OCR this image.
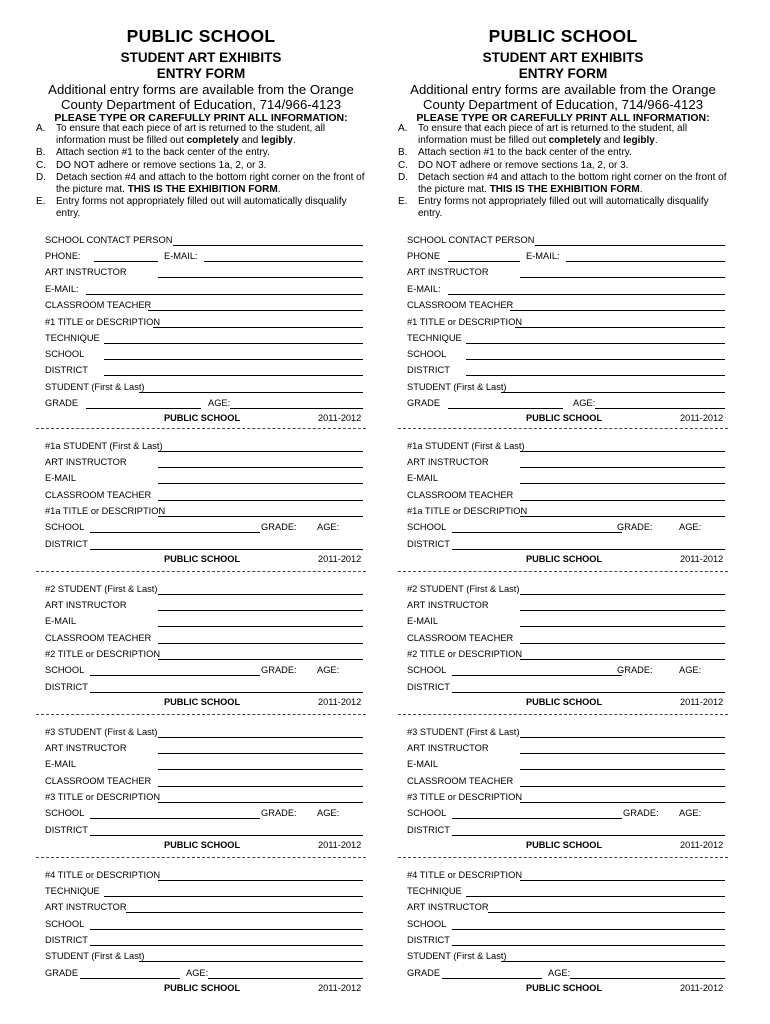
PUBLIC SCHOOL
STUDENT ART EXHIBITS
ENTRY FORM
Additional entry forms are available from the Orange
County Department of Education, 714/966-4123
PLEASE TYPE OR CAREFULLY PRINT ALL INFORMATION:
A. To ensure that each piece of art is returned to the student, all information must be filled out completely and legibly.
B. Attach section #1 to the back center of the entry.
C. DO NOT adhere or remove sections 1a, 2, or 3.
D. Detach section #4 and attach to the bottom right corner on the front of the picture mat. THIS IS THE EXHIBITION FORM.
E. Entry forms not appropriately filled out will automatically disqualify entry.
SCHOOL CONTACT PERSON
PHONE:	E-MAIL:
ART INSTRUCTOR
E-MAIL:
CLASSROOM TEACHER
#1 TITLE or DESCRIPTION
TECHNIQUE
SCHOOL
DISTRICT
STUDENT (First & Last)
GRADE	AGE:
PUBLIC SCHOOL	2011-2012
#1a STUDENT (First & Last)
ART INSTRUCTOR
E-MAIL
CLASSROOM TEACHER
#1a TITLE or DESCRIPTION
SCHOOL	GRADE: AGE:
DISTRICT
PUBLIC SCHOOL	2011-2012
#2 STUDENT (First & Last)
ART INSTRUCTOR
E-MAIL
CLASSROOM TEACHER
#2 TITLE or DESCRIPTION
SCHOOL	GRADE: AGE:
DISTRICT
PUBLIC SCHOOL	2011-2012
#3 STUDENT (First & Last)
ART INSTRUCTOR
E-MAIL
CLASSROOM TEACHER
#3 TITLE or DESCRIPTION
SCHOOL	GRADE: AGE:
DISTRICT
PUBLIC SCHOOL	2011-2012
#4 TITLE or DESCRIPTION
TECHNIQUE
ART INSTRUCTOR
SCHOOL
DISTRICT
STUDENT (First & Last)
GRADE	AGE:
PUBLIC SCHOOL	2011-2012
PUBLIC SCHOOL
STUDENT ART EXHIBITS
ENTRY FORM
Additional entry forms are available from the Orange
County Department of Education, 714/966-4123
PLEASE TYPE OR CAREFULLY PRINT ALL INFORMATION:
A. To ensure that each piece of art is returned to the student, all information must be filled out completely and legibly.
B. Attach section #1 to the back center of the entry.
C. DO NOT adhere or remove sections 1a, 2, or 3.
D. Detach section #4 and attach to the bottom right corner on the front of the picture mat. THIS IS THE EXHIBITION FORM.
E. Entry forms not appropriately filled out will automatically disqualify entry.
SCHOOL CONTACT PERSON
PHONE	E-MAIL:
ART INSTRUCTOR
E-MAIL:
CLASSROOM TEACHER
#1 TITLE or DESCRIPTION
TECHNIQUE
SCHOOL
DISTRICT
STUDENT (First & Last)
GRADE	AGE:
PUBLIC SCHOOL	2011-2012
#1a STUDENT (First & Last)
ART INSTRUCTOR
E-MAIL
CLASSROOM TEACHER
#1a TITLE or DESCRIPTION
SCHOOL	GRADE:	AGE:
DISTRICT
PUBLIC SCHOOL	2011-2012
#2 STUDENT (First & Last)
ART INSTRUCTOR
E-MAIL
CLASSROOM TEACHER
#2 TITLE or DESCRIPTION
SCHOOL	GRADE:	AGE:
DISTRICT
PUBLIC SCHOOL	2011-2012
#3 STUDENT (First & Last)
ART INSTRUCTOR
E-MAIL
CLASSROOM TEACHER
#3 TITLE or DESCRIPTION
SCHOOL	GRADE: AGE:
DISTRICT
PUBLIC SCHOOL	2011-2012
#4 TITLE or DESCRIPTION
TECHNIQUE
ART INSTRUCTOR
SCHOOL
DISTRICT
STUDENT (First & Last)
GRADE	AGE:
PUBLIC SCHOOL	2011-2012
